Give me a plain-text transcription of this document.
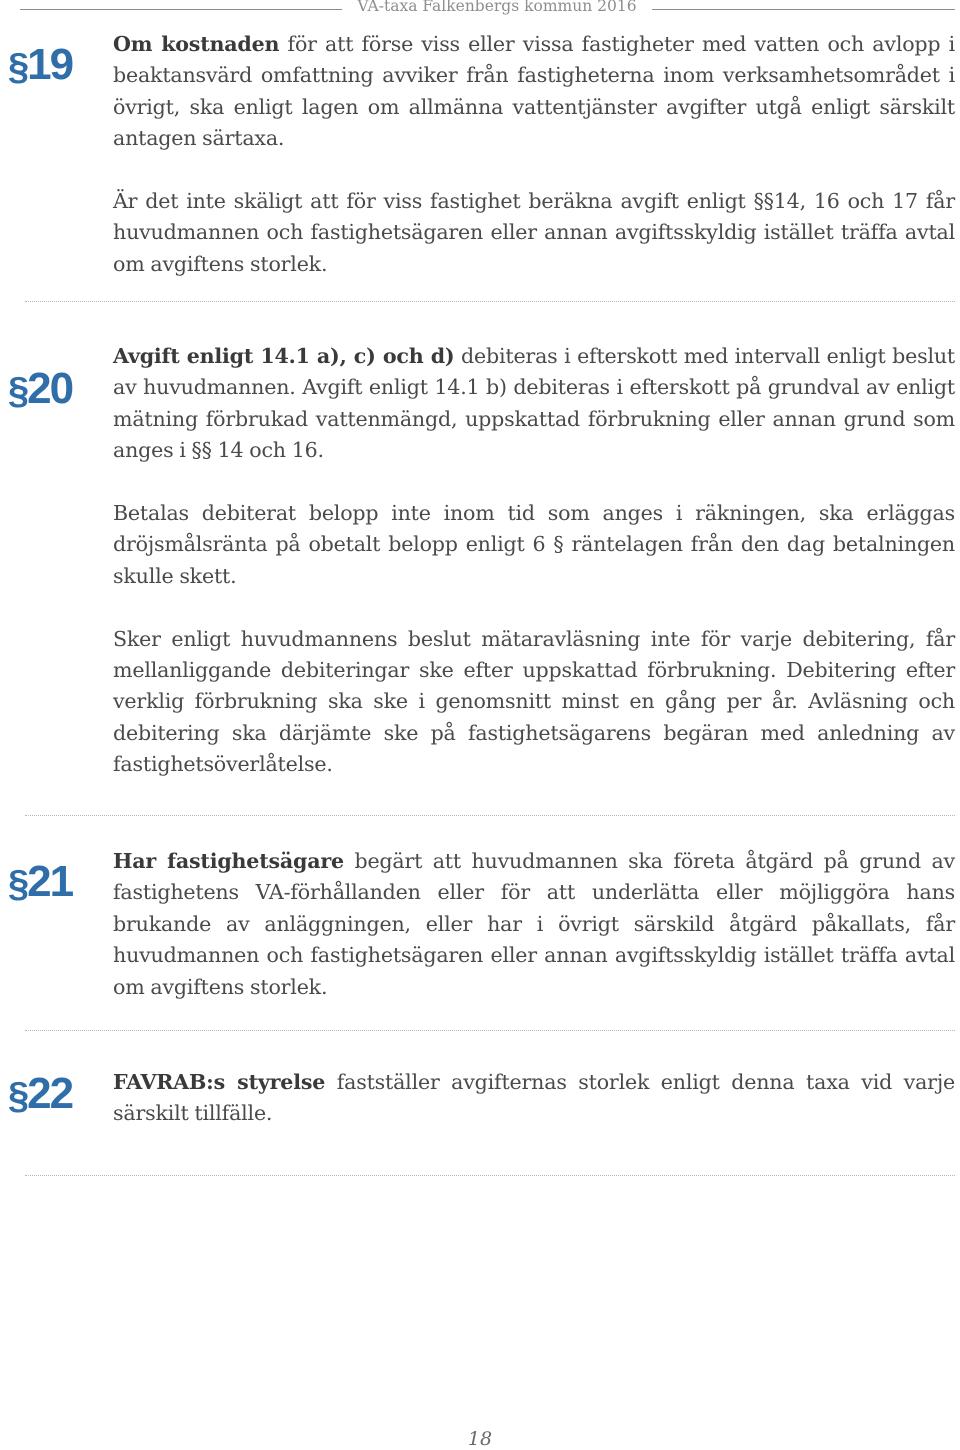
VA-taxa Falkenbergs kommun 2016
§19 Om kostnaden för att förse viss eller vissa fastigheter med vatten och avlopp i beaktansvärd omfattning avviker från fastigheterna inom verksamhetsområdet i övrigt, ska enligt lagen om allmänna vattentjänster avgifter utgå enligt särskilt antagen särtaxa.

Är det inte skäligt att för viss fastighet beräkna avgift enligt §§14, 16 och 17 får huvudmannen och fastighetsägaren eller annan avgiftsskyldig istället träffa avtal om avgiftens storlek.

§20

Avgift enligt 14.1 a), c) och d) debiteras i efterskott med intervall enligt beslut av huvudmannen. Avgift enligt 14.1 b) debiteras i efterskott på grundval av enligt mätning förbrukad vattenmängd, uppskattad förbrukning eller annan grund som anges i §§ 14 och 16.

Betalas debiterat belopp inte inom tid som anges i räkningen, ska erläggas dröjsmålsränta på obetalt belopp enligt 6 § räntelagen från den dag betalningen skulle skett.

Sker enligt huvudmannens beslut mätaravläsning inte för varje debitering, får mellanliggande debiteringar ske efter uppskattad förbrukning. Debitering efter verklig förbrukning ska ske i genomsnitt minst en gång per år. Avläsning och debitering ska därjämte ske på fastighetsägarens begäran med anledning av fastighetsöverlåtelse.

§21 Har fastighetsägare begärt att huvudmannen ska företa åtgärd på grund av fastighetens VA-förhållanden eller för att underlätta eller möjliggöra hans brukande av anläggningen, eller har i övrigt särskild åtgärd påkallats, får huvudmannen och fastighetsägaren eller annan avgiftsskyldig istället träffa avtal om avgiftens storlek.

§22 FAVRAB:s styrelse fastställer avgifternas storlek enligt denna taxa vid varje särskilt tillfälle.

18
